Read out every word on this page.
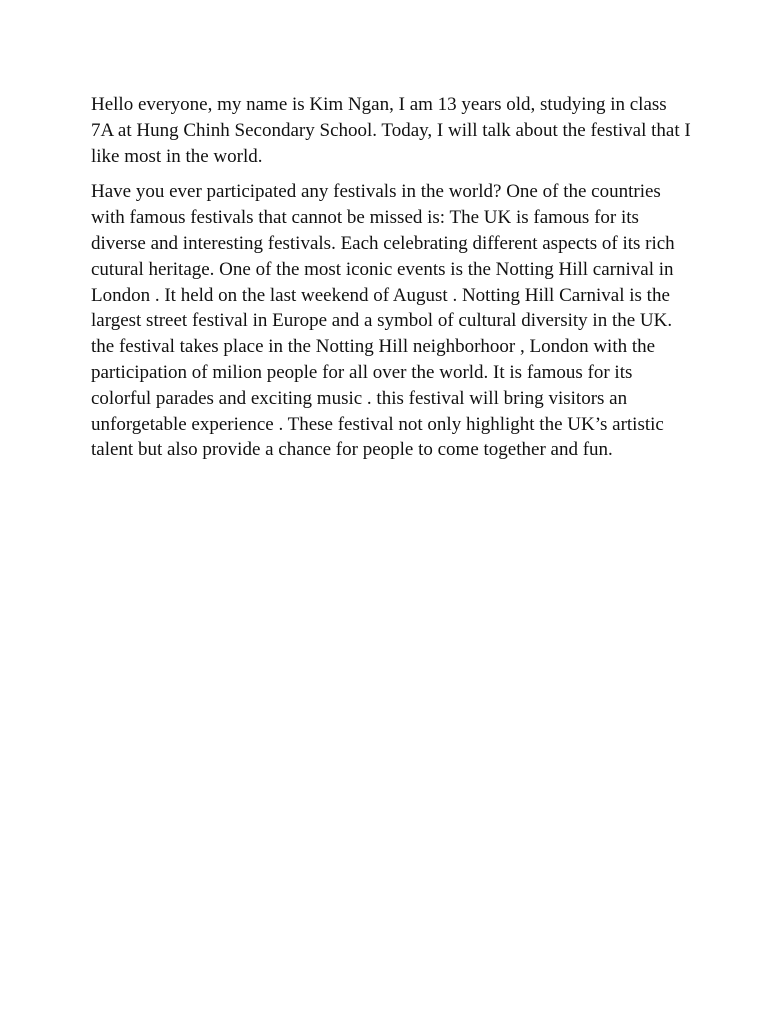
Hello everyone, my name is Kim Ngan, I am 13 years old, studying in class 7A at Hung Chinh Secondary School. Today, I will talk about the festival that I like most in the world.

Have you ever participated any festivals in the world? One of the countries with famous festivals that cannot be missed is: The UK is famous for its diverse and interesting festivals. Each celebrating different aspects of its rich cutural heritage. One of the most iconic events is the Notting Hill carnival in London . It held on the last weekend of August . Notting Hill Carnival is the largest street festival in Europe and a symbol of cultural diversity in the UK. the festival takes place in the Notting Hill neighborhoor , London with the participation of milion people for all over the world. It is famous for its colorful parades and exciting music . this festival will bring visitors an unforgetable experience . These festival not only highlight the UK’s artistic talent but also provide a chance for people to come together and fun.
